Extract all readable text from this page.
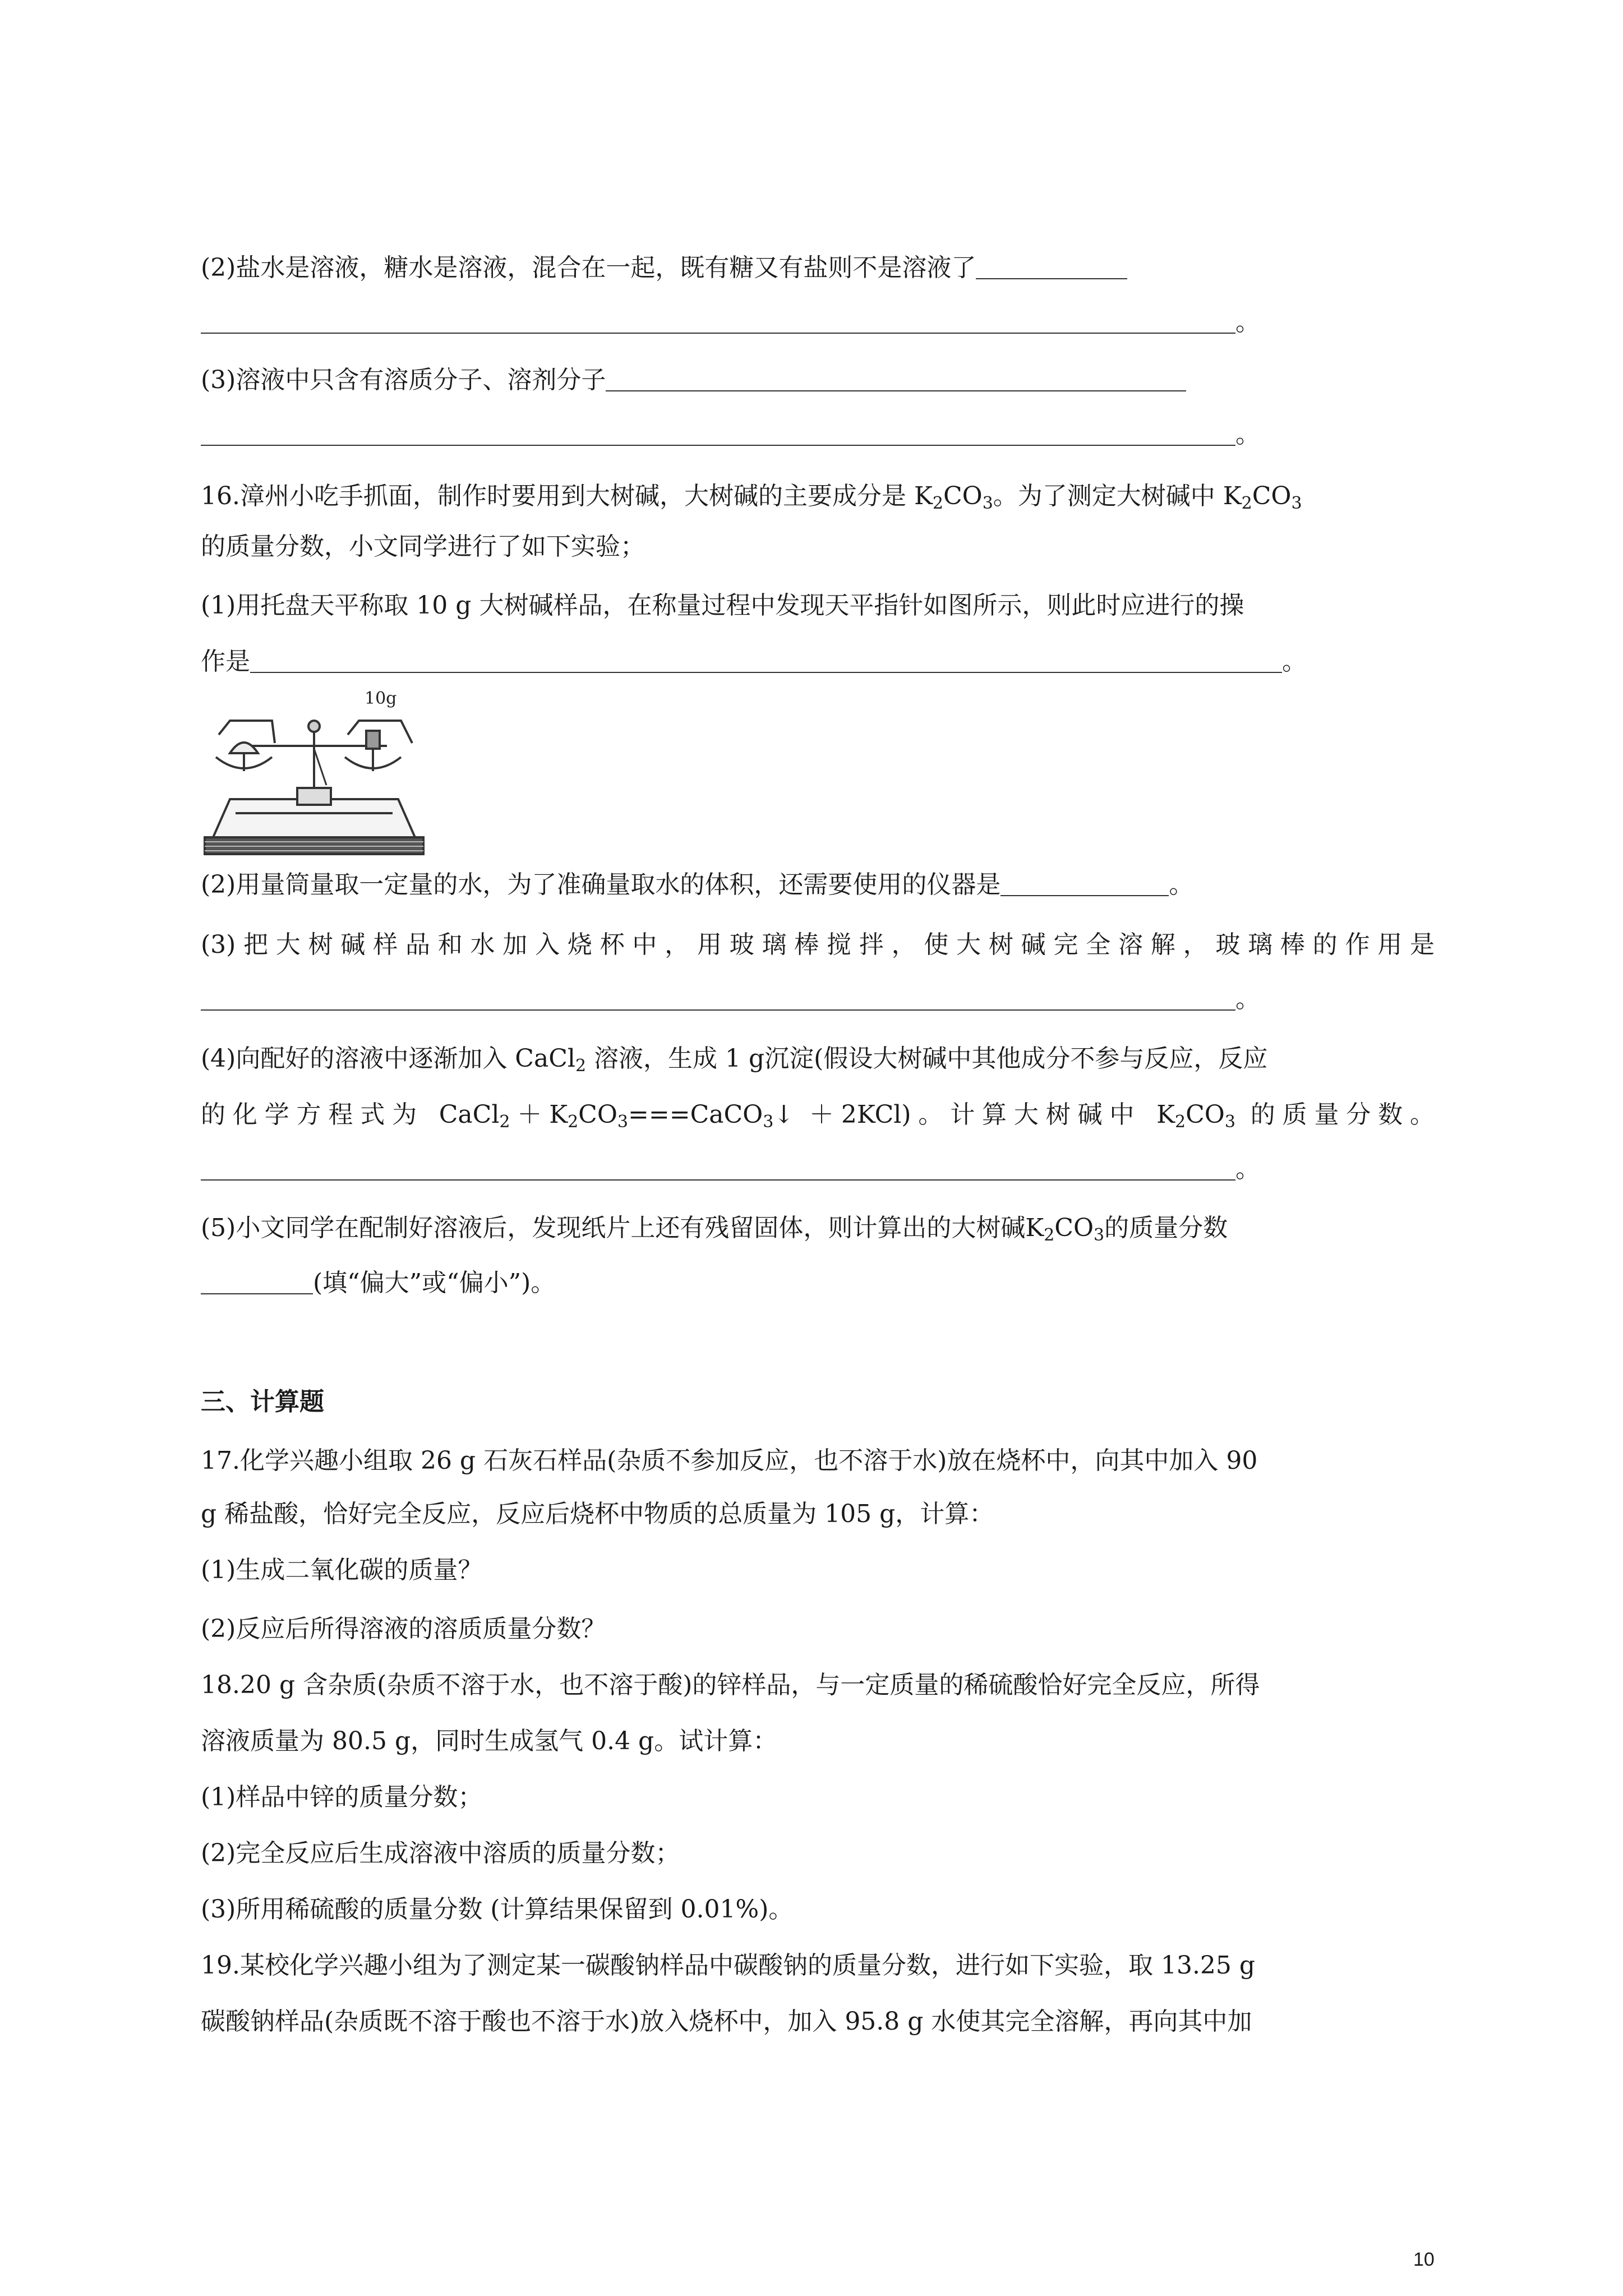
(2)盐水是溶液，糖水是溶液，混合在一起，既有糖又有盐则不是溶液了
。
(3)溶液中只含有溶质分子、溶剂分子
。
16.漳州小吃手抓面，制作时要用到大树碱，大树碱的主要成分是 $K_2CO_3$。为了测定大树碱中 $K_2CO_3$
的质量分数，小文同学进行了如下实验；
(1)用托盘天平称取 10 g 大树碱样品，在称量过程中发现天平指针如图所示，则此时应进行的操
作是	。
10g
(2)用量筒量取一定量的水，为了准确量取水的体积，还需要使用的仪器是	。
(3)把大树碱样品和水加入烧杯中，用玻璃棒搅拌，使大树碱完全溶解，玻璃棒的作用是
。
(4)向配好的溶液中逐渐加入 CaCl$_2$ 溶液，生成 1 g沉淀(假设大树碱中其他成分不参与反应，反应
的化学方程式为 $CaCl_2+K_2CO_3===CaCO_3↓ +2KCl$)。计算大树碱中 $K_2CO_3$ 的质量分数。
。
(5)小文同学在配制好溶液后，发现纸片上还有残留固体，则计算出的大树碱$K_2CO_3$的质量分数
(填“偏大”或“偏小”)。
三、计算题
17.化学兴趣小组取 26 g 石灰石样品(杂质不参加反应，也不溶于水)放在烧杯中，向其中加入 90
g 稀盐酸，恰好完全反应，反应后烧杯中物质的总质量为 105 g，计算：
(1)生成二氧化碳的质量？
(2)反应后所得溶液的溶质质量分数？
18.20 g 含杂质(杂质不溶于水，也不溶于酸)的锌样品，与一定质量的稀硫酸恰好完全反应，所得
溶液质量为 80.5 g，同时生成氢气 0.4 g。试计算：
(1)样品中锌的质量分数；
(2)完全反应后生成溶液中溶质的质量分数；
(3)所用稀硫酸的质量分数 (计算结果保留到 0.01%)。
19.某校化学兴趣小组为了测定某一碳酸钠样品中碳酸钠的质量分数，进行如下实验，取 13.25 g
碳酸钠样品(杂质既不溶于酸也不溶于水)放入烧杯中，加入 95.8 g 水使其完全溶解，再向其中加
10
